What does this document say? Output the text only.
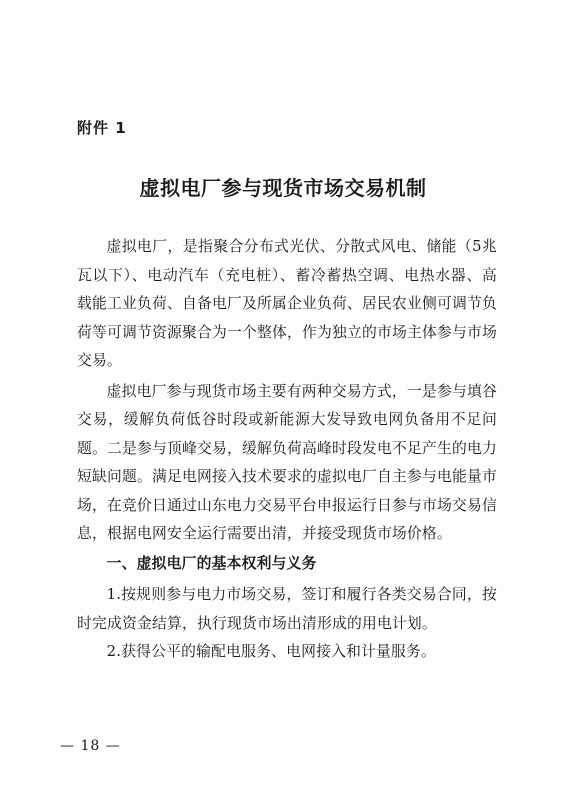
附件 1
虚拟电厂参与现货市场交易机制

虚拟电厂，是指聚合分布式光伏、分散式风电、储能（5兆瓦以下）、电动汽车（充电桩）、蓄冷蓄热空调、电热水器、高载能工业负荷、自备电厂及所属企业负荷、居民农业侧可调节负荷等可调节资源聚合为一个整体，作为独立的市场主体参与市场交易。

虚拟电厂参与现货市场主要有两种交易方式，一是参与填谷交易，缓解负荷低谷时段或新能源大发导致电网负备用不足问题。二是参与顶峰交易，缓解负荷高峰时段发电不足产生的电力短缺问题。满足电网接入技术要求的虚拟电厂自主参与电能量市场，在竞价日通过山东电力交易平台申报运行日参与市场交易信息，根据电网安全运行需要出清，并接受现货市场价格。

一、虚拟电厂的基本权利与义务

1.按规则参与电力市场交易，签订和履行各类交易合同，按时完成资金结算，执行现货市场出清形成的用电计划。

2.获得公平的输配电服务、电网接入和计量服务。

— 18 —
